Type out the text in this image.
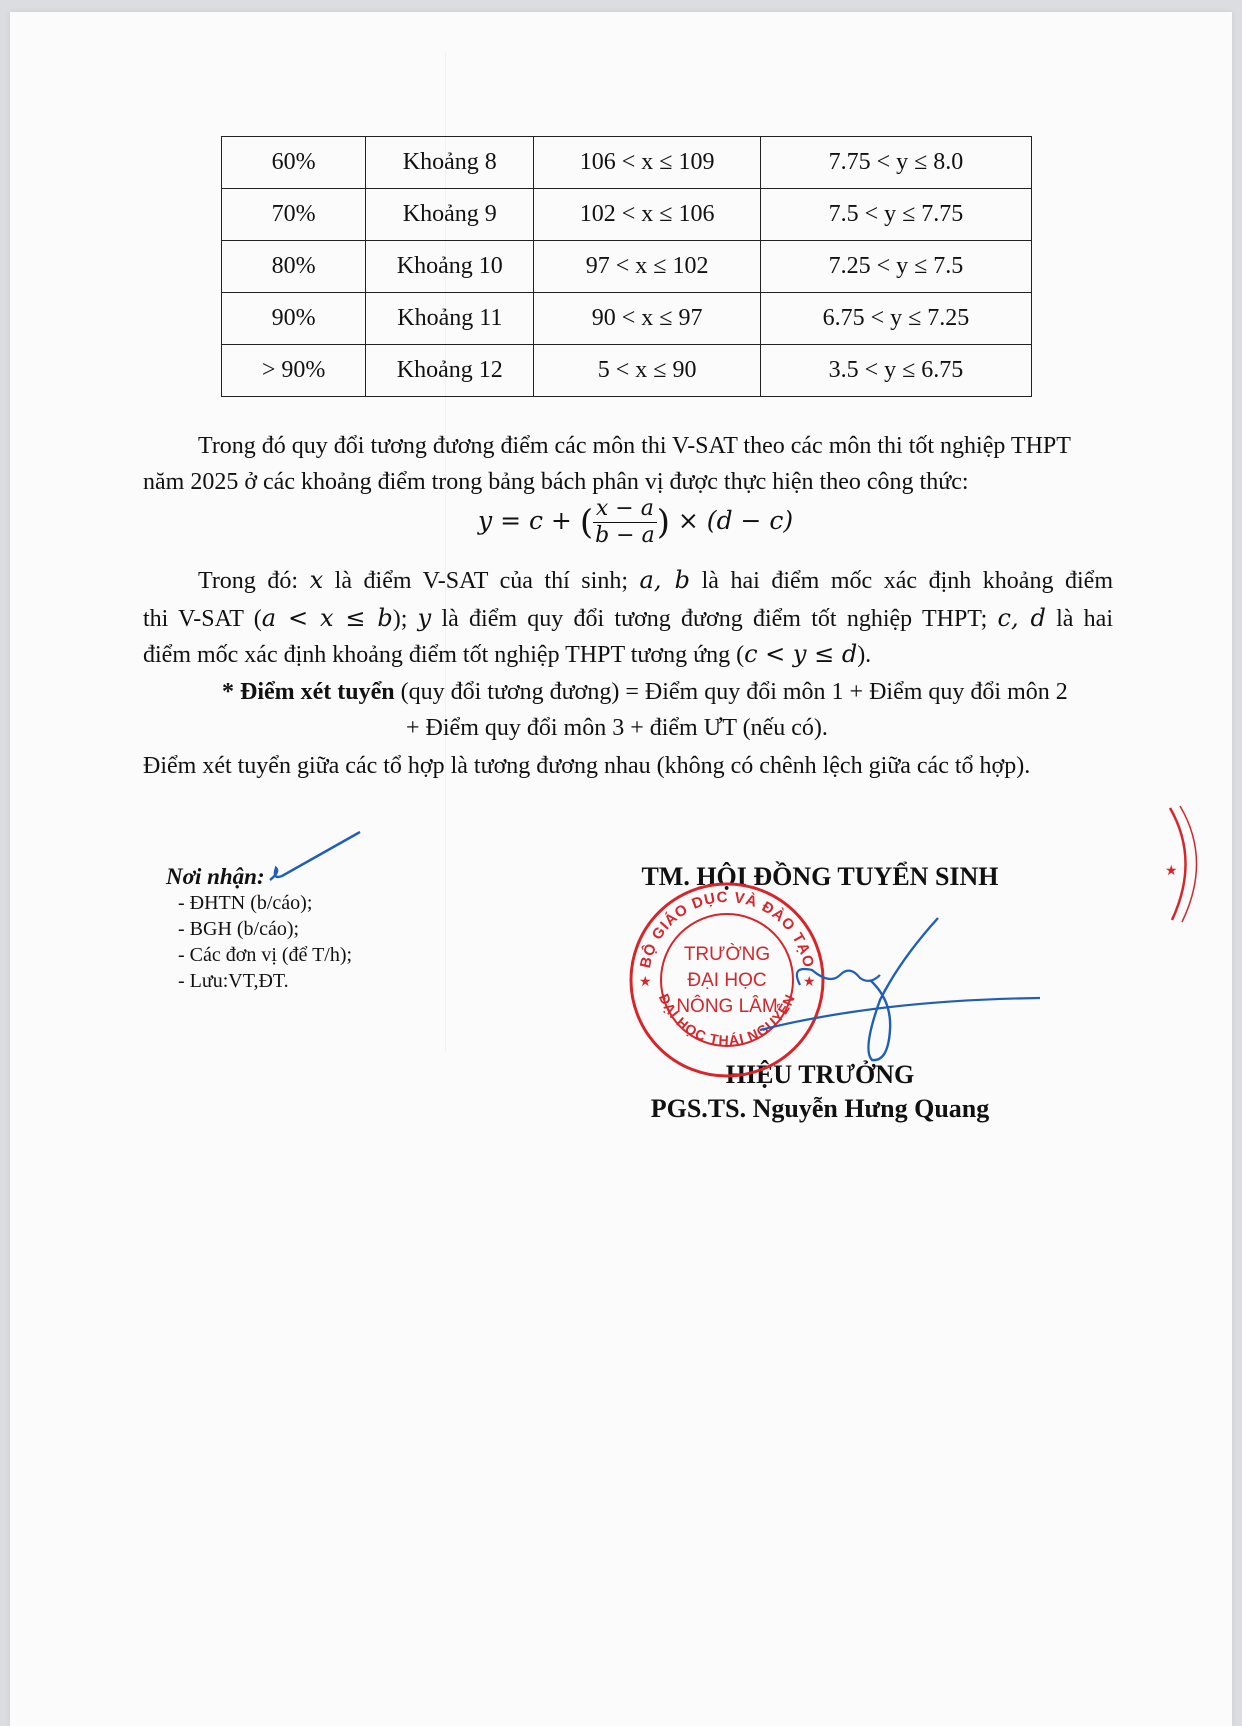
60%	Khoảng 8	106 < x ≤ 109	7.75 < y ≤ 8.0
70%	Khoảng 9	102 < x ≤ 106	7.5 < y ≤ 7.75
80%	Khoảng 10	97 < x ≤ 102	7.25 < y ≤ 7.5
90%	Khoảng 11	90 < x ≤ 97	6.75 < y ≤ 7.25
> 90%	Khoảng 12	5 < x ≤ 90	3.5 < y ≤ 6.75
Trong đó quy đổi tương đương điểm các môn thi V-SAT theo các môn thi tốt nghiệp THPT
năm 2025 ở các khoảng điểm trong bảng bách phân vị được thực hiện theo công thức:
y = c + ( $\frac{x - a}{b - a}$ ) × (d − c)
Trong đó: x là điểm V-SAT của thí sinh; a, b là hai điểm mốc xác định khoảng điểm
thi V-SAT (a < x ≤ b); y là điểm quy đổi tương đương điểm tốt nghiệp THPT; c, d là hai
điểm mốc xác định khoảng điểm tốt nghiệp THPT tương ứng (c < y ≤ d).
* Điểm xét tuyển (quy đổi tương đương) = Điểm quy đổi môn 1 + Điểm quy đổi môn 2
+ Điểm quy đổi môn 3 + điểm ƯT (nếu có).
Điểm xét tuyển giữa các tổ hợp là tương đương nhau (không có chênh lệch giữa các tổ hợp).
Nơi nhận:
- ĐHTN (b/cáo);
- BGH (b/cáo);
- Các đơn vị (để T/h);
- Lưu:VT,ĐT.
TM. HỘI ĐỒNG TUYỂN SINH
HIỆU TRƯỞNG
PGS.TS. Nguyễn Hưng Quang
BỘ GIÁO DỤC VÀ ĐÀO TẠO
ĐẠI HỌC THÁI NGUYÊN
★	★
TRƯỜNG
ĐẠI HỌC
NÔNG LÂM
★
